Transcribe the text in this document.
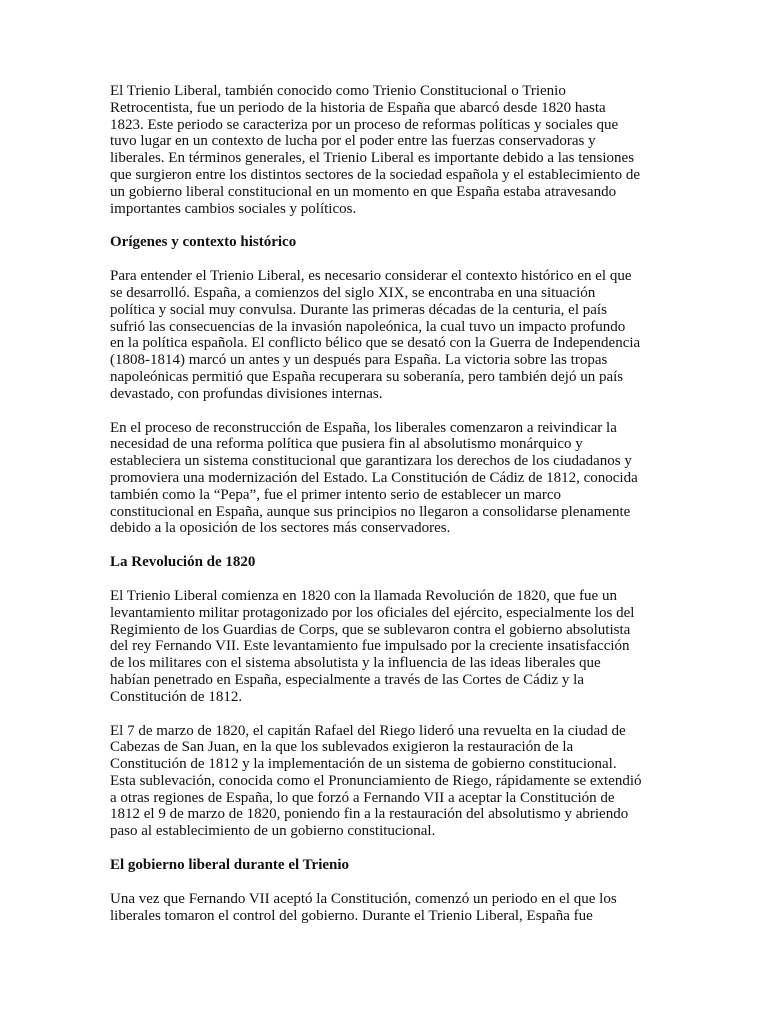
El Trienio Liberal, también conocido como Trienio Constitucional o Trienio
Retrocentista, fue un periodo de la historia de España que abarcó desde 1820 hasta
1823. Este periodo se caracteriza por un proceso de reformas políticas y sociales que
tuvo lugar en un contexto de lucha por el poder entre las fuerzas conservadoras y
liberales. En términos generales, el Trienio Liberal es importante debido a las tensiones
que surgieron entre los distintos sectores de la sociedad española y el establecimiento de
un gobierno liberal constitucional en un momento en que España estaba atravesando
importantes cambios sociales y políticos.
Orígenes y contexto histórico
Para entender el Trienio Liberal, es necesario considerar el contexto histórico en el que
se desarrolló. España, a comienzos del siglo XIX, se encontraba en una situación
política y social muy convulsa. Durante las primeras décadas de la centuria, el país
sufrió las consecuencias de la invasión napoleónica, la cual tuvo un impacto profundo
en la política española. El conflicto bélico que se desató con la Guerra de Independencia
(1808-1814) marcó un antes y un después para España. La victoria sobre las tropas
napoleónicas permitió que España recuperara su soberanía, pero también dejó un país
devastado, con profundas divisiones internas.
En el proceso de reconstrucción de España, los liberales comenzaron a reivindicar la
necesidad de una reforma política que pusiera fin al absolutismo monárquico y
estableciera un sistema constitucional que garantizara los derechos de los ciudadanos y
promoviera una modernización del Estado. La Constitución de Cádiz de 1812, conocida
también como la “Pepa”, fue el primer intento serio de establecer un marco
constitucional en España, aunque sus principios no llegaron a consolidarse plenamente
debido a la oposición de los sectores más conservadores.
La Revolución de 1820
El Trienio Liberal comienza en 1820 con la llamada Revolución de 1820, que fue un
levantamiento militar protagonizado por los oficiales del ejército, especialmente los del
Regimiento de los Guardias de Corps, que se sublevaron contra el gobierno absolutista
del rey Fernando VII. Este levantamiento fue impulsado por la creciente insatisfacción
de los militares con el sistema absolutista y la influencia de las ideas liberales que
habían penetrado en España, especialmente a través de las Cortes de Cádiz y la
Constitución de 1812.
El 7 de marzo de 1820, el capitán Rafael del Riego lideró una revuelta en la ciudad de
Cabezas de San Juan, en la que los sublevados exigieron la restauración de la
Constitución de 1812 y la implementación de un sistema de gobierno constitucional.
Esta sublevación, conocida como el Pronunciamiento de Riego, rápidamente se extendió
a otras regiones de España, lo que forzó a Fernando VII a aceptar la Constitución de
1812 el 9 de marzo de 1820, poniendo fin a la restauración del absolutismo y abriendo
paso al establecimiento de un gobierno constitucional.
El gobierno liberal durante el Trienio
Una vez que Fernando VII aceptó la Constitución, comenzó un periodo en el que los
liberales tomaron el control del gobierno. Durante el Trienio Liberal, España fue
